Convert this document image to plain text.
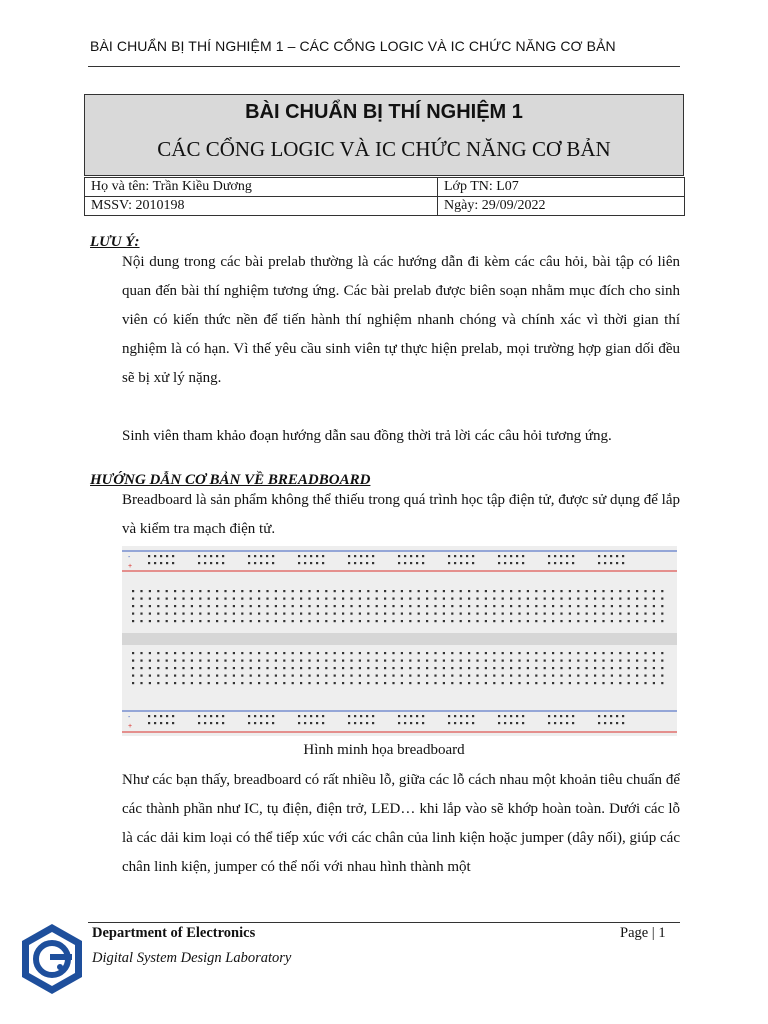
BÀI CHUẨN BỊ THÍ NGHIỆM 1 – CÁC CỔNG LOGIC VÀ IC CHỨC NĂNG CƠ BẢN
BÀI CHUẨN BỊ THÍ NGHIỆM 1
CÁC CỔNG LOGIC VÀ IC CHỨC NĂNG CƠ BẢN
Họ và tên: Trần Kiều Dương	Lớp TN: L07
MSSV: 2010198	Ngày: 29/09/2022
LƯU Ý:
Nội dung trong các bài prelab thường là các hướng dẫn đi kèm các câu hỏi, bài tập có liên quan đến bài thí nghiệm tương ứng. Các bài prelab được biên soạn nhằm mục đích cho sinh viên có kiến thức nền để tiến hành thí nghiệm nhanh chóng và chính xác vì thời gian thí nghiệm là có hạn. Vì thế yêu cầu sinh viên tự thực hiện prelab, mọi trường hợp gian dối đều sẽ bị xử lý nặng.
Sinh viên tham khảo đoạn hướng dẫn sau đồng thời trả lời các câu hỏi tương ứng.
HƯỚNG DẪN CƠ BẢN VỀ BREADBOARD
Breadboard là sản phẩm không thể thiếu trong quá trình học tập điện tử, được sử dụng để lắp và kiểm tra mạch điện tử.
-
+
-
+
Hình minh họa breadboard
Như các bạn thấy, breadboard có rất nhiều lỗ, giữa các lỗ cách nhau một khoản tiêu chuẩn để các thành phần như IC, tụ điện, điện trở, LED… khi lắp vào sẽ khớp hoàn toàn. Dưới các lỗ là các dải kim loại có thể tiếp xúc với các chân của linh kiện hoặc jumper (dây nối), giúp các chân linh kiện, jumper có thể nối với nhau hình thành một
Department of Electronics
Digital System Design Laboratory
Page | 1
